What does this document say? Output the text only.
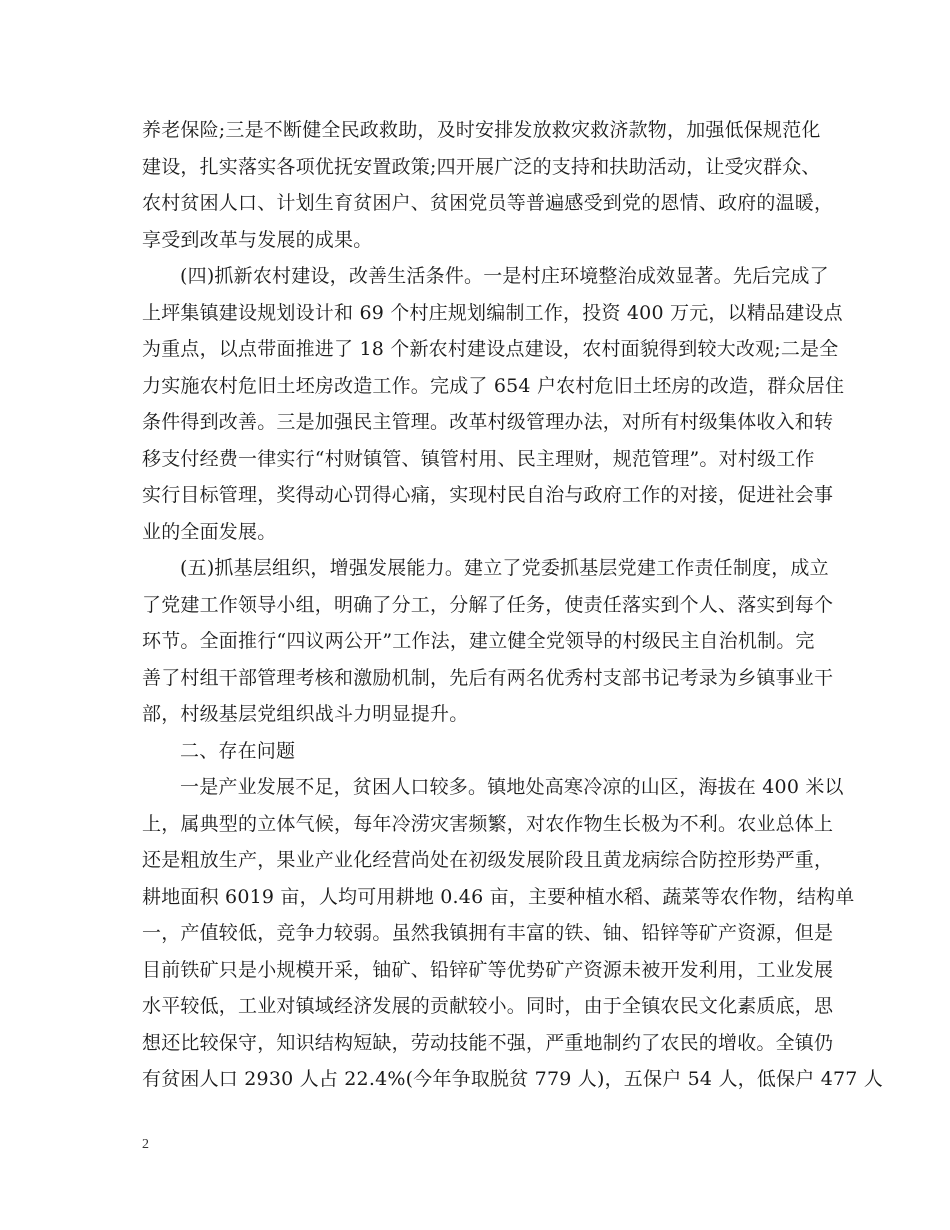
养老保险;三是不断健全民政救助，及时安排发放救灾救济款物，加强低保规范化
建设，扎实落实各项优抚安置政策;四开展广泛的支持和扶助活动，让受灾群众、
农村贫困人口、计划生育贫困户、贫困党员等普遍感受到党的恩情、政府的温暖，
享受到改革与发展的成果。
(四)抓新农村建设，改善生活条件。一是村庄环境整治成效显著。先后完成了
上坪集镇建设规划设计和 69 个村庄规划编制工作，投资 400 万元，以精品建设点
为重点，以点带面推进了 18 个新农村建设点建设，农村面貌得到较大改观;二是全
力实施农村危旧土坯房改造工作。完成了 654 户农村危旧土坯房的改造，群众居住
条件得到改善。三是加强民主管理。改革村级管理办法，对所有村级集体收入和转
移支付经费一律实行“村财镇管、镇管村用、民主理财，规范管理”。对村级工作
实行目标管理，奖得动心罚得心痛，实现村民自治与政府工作的对接，促进社会事
业的全面发展。
(五)抓基层组织，增强发展能力。建立了党委抓基层党建工作责任制度，成立
了党建工作领导小组，明确了分工，分解了任务，使责任落实到个人、落实到每个
环节。全面推行“四议两公开”工作法，建立健全党领导的村级民主自治机制。完
善了村组干部管理考核和激励机制，先后有两名优秀村支部书记考录为乡镇事业干
部，村级基层党组织战斗力明显提升。
二、存在问题
一是产业发展不足，贫困人口较多。镇地处高寒冷凉的山区，海拔在 400 米以
上，属典型的立体气候，每年冷涝灾害频繁，对农作物生长极为不利。农业总体上
还是粗放生产，果业产业化经营尚处在初级发展阶段且黄龙病综合防控形势严重，
耕地面积 6019 亩，人均可用耕地 0.46 亩，主要种植水稻、蔬菜等农作物，结构单
一，产值较低，竞争力较弱。虽然我镇拥有丰富的铁、铀、铅锌等矿产资源，但是
目前铁矿只是小规模开采，铀矿、铅锌矿等优势矿产资源未被开发利用，工业发展
水平较低，工业对镇域经济发展的贡献较小。同时，由于全镇农民文化素质底，思
想还比较保守，知识结构短缺，劳动技能不强，严重地制约了农民的增收。全镇仍
有贫困人口 2930 人占 22.4%(今年争取脱贫 779 人)，五保户 54 人，低保户 477 人
2
